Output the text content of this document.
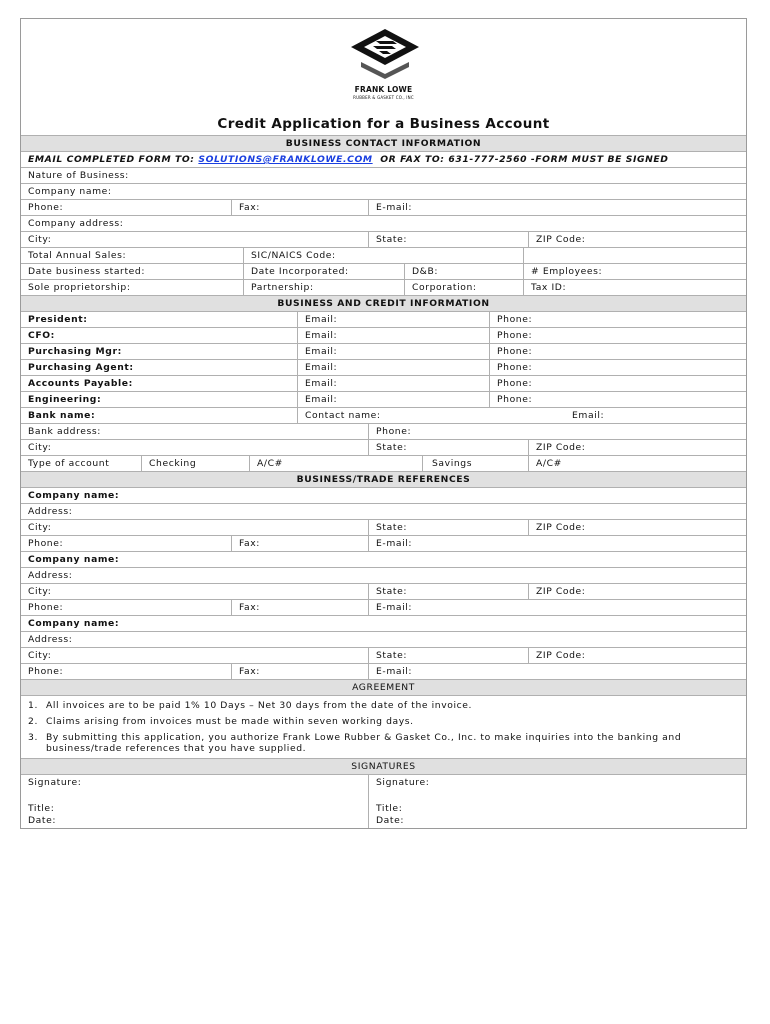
FRANK LOWE
RUBBER & GASKET CO., INC
Credit Application for a Business Account
BUSINESS CONTACT INFORMATION
EMAIL COMPLETED FORM TO: SOLUTIONS@FRANKLOWE.COM  OR FAX TO: 631-777-2560 -FORM MUST BE SIGNED
Nature of Business:
Company name:
Phone:	Fax:	E-mail:
Company address:
City:	State:	ZIP Code:
Total Annual Sales:	SIC/NAICS Code:
Date business started:	Date Incorporated:	D&B:	# Employees:
Sole proprietorship:	Partnership:	Corporation:	Tax ID:
BUSINESS AND CREDIT INFORMATION
President:	Email:	Phone:
CFO:	Email:	Phone:
Purchasing Mgr:	Email:	Phone:
Purchasing Agent:	Email:	Phone:
Accounts Payable:	Email:	Phone:
Engineering:	Email:	Phone:
Bank name:	Contact name:	Email:
Bank address:	Phone:
City:	State:	ZIP Code:
Type of account	Checking	A/C#	Savings	A/C#
BUSINESS/TRADE REFERENCES
Company name:
Address:
City:	State:	ZIP Code:
Phone:	Fax:	E-mail:
Company name:
Address:
City:	State:	ZIP Code:
Phone:	Fax:	E-mail:
Company name:
Address:
City:	State:	ZIP Code:
Phone:	Fax:	E-mail:
AGREEMENT
1. All invoices are to be paid 1% 10 Days – Net 30 days from the date of the invoice.
2. Claims arising from invoices must be made within seven working days.
3. By submitting this application, you authorize Frank Lowe Rubber & Gasket Co., Inc. to make inquiries into the banking and business/trade references that you have supplied.
SIGNATURES
Signature:
Title:
Date:
Signature:
Title:
Date:
